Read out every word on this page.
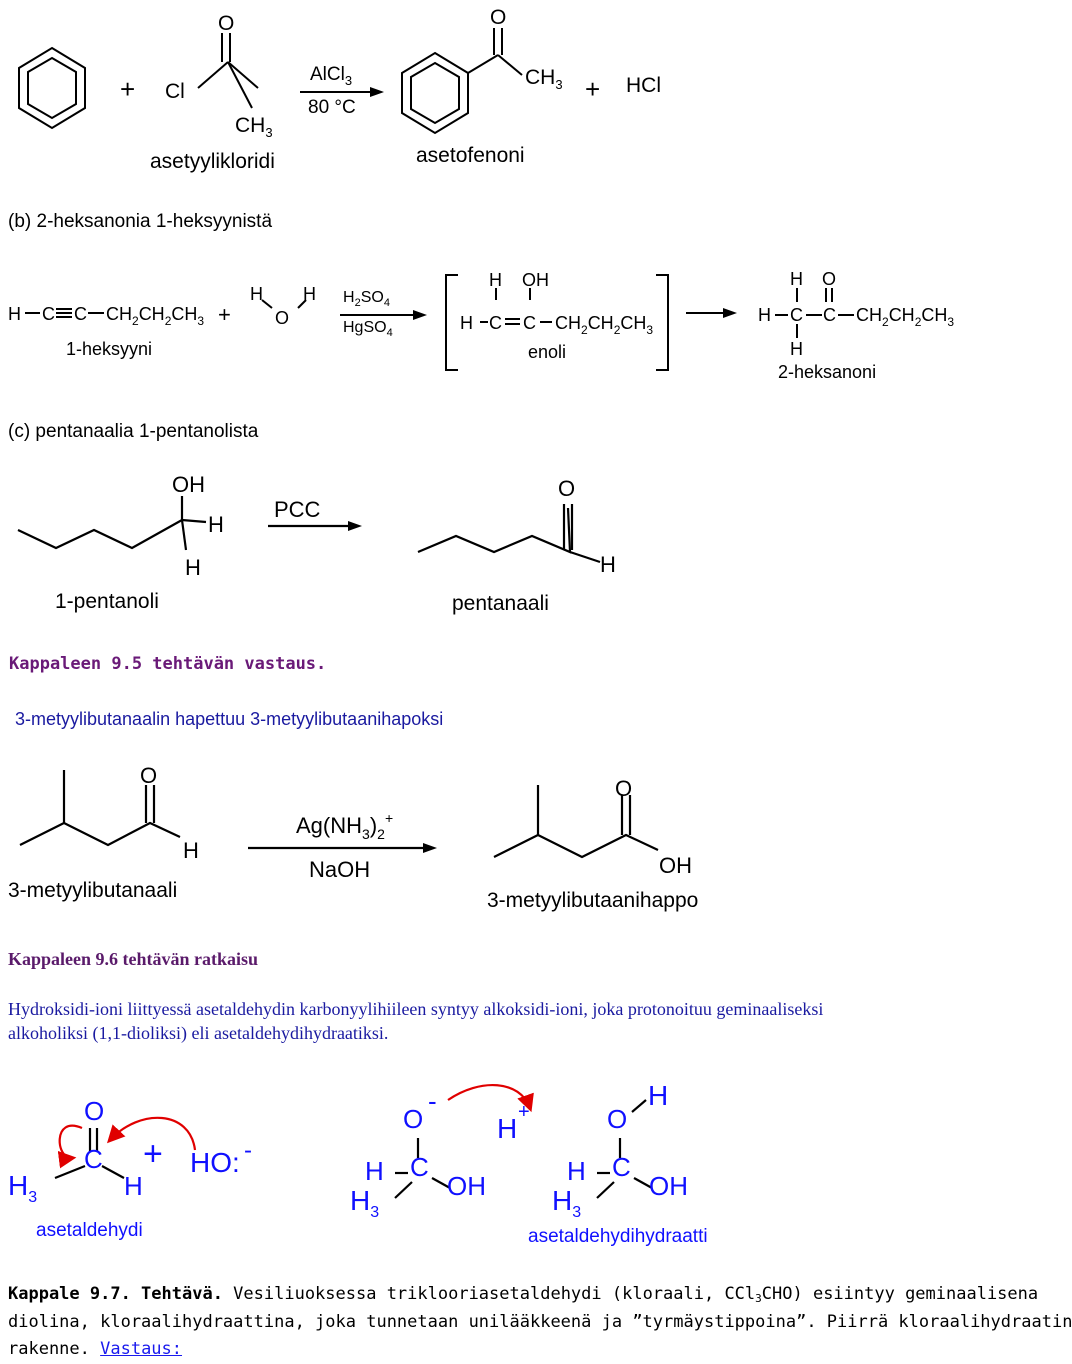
+ Cl
O
$CH_3$
AlCl$_3$
80 °C
O
$CH_3$ + HCl
asetyylikloridi	asetofenoni
(b) 2-heksanonia 1-heksyynistä
H C C $CH_2CH_2CH_3$
1-heksyyni
+
H
O
H $H_2SO_4$
HgSO$_4$
H OH
H C C $CH_2CH_2CH_3$
enoli
H O
H C C
H
$CH_2CH_2CH_3$
2-heksanoni
(c) pentanaalia 1-pentanolista
OH
H
H
PCC
O
H
1-pentanoli	pentanaali
Kappaleen 9.5 tehtävän vastaus.
3-metyylibutanaalin hapettuu 3-metyylibutaanihapoksi
O
H
3-metyylibutanaali
$Ag(NH_3)_2^+$
NaOH
O
OH
3-metyylibutaanihappo
Kappaleen 9.6 tehtävän ratkaisu
Hydroksidi-ioni liittyessä asetaldehydin karbonyylihiileen syntyy alkoksidi-ioni, joka protonoituu geminaaliseksi
alkoholiksi (1,1-dioliksi) eli asetaldehydihydraatiksi.
O
C
$H_3$	H
asetaldehydi
+ HO: -
O
-
C
H
$H_3$
OH
H
+	O
H
C
H
$H_3$
OH
asetaldehydihydraatti
Kappale 9.7. Tehtävä. Vesiliuoksessa triklooriasetaldehydi (kloraali, CCl3CHO) esiintyy geminaalisena
diolina, kloraalihydraattina, joka tunnetaan unilääkkeenä ja ”tyrmäystippoina”. Piirrä kloraalihydraatin
rakenne. Vastaus:
